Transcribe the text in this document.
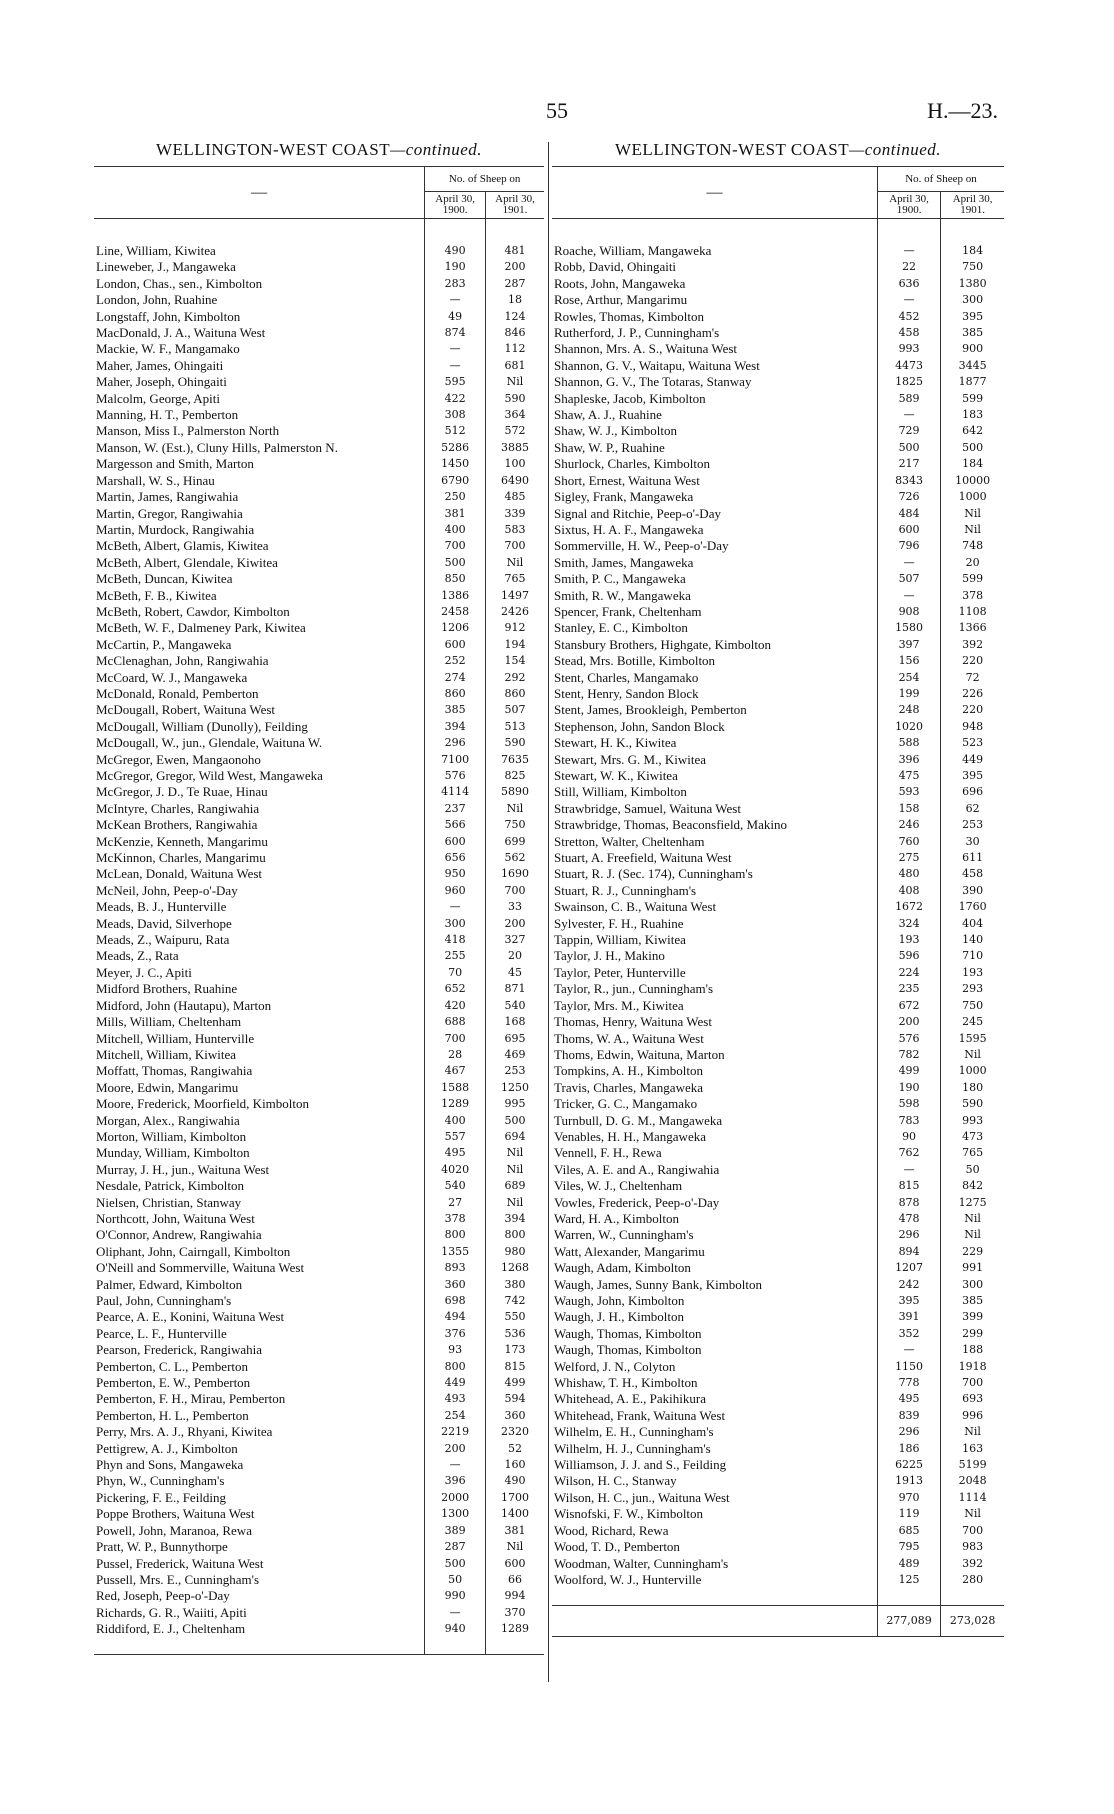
55	H.—23.
WELLINGTON-WEST COAST—continued.
—	No. of Sheep on	
	April 30, 1900.	April 30, 1901.

Line, William, Kiwitea	490	481
Lineweber, J., Mangaweka	190	200
London, Chas., sen., Kimbolton	283	287
London, John, Ruahine	—	18
Longstaff, John, Kimbolton	49	124
MacDonald, J. A., Waituna West	874	846
Mackie, W. F., Mangamako	—	112
Maher, James, Ohingaiti	—	681
Maher, Joseph, Ohingaiti	595	Nil
Malcolm, George, Apiti	422	590
Manning, H. T., Pemberton	308	364
Manson, Miss I., Palmerston North	512	572
Manson, W. (Est.), Cluny Hills, Palmerston N.	5286	3885
Margesson and Smith, Marton	1450	100
Marshall, W. S., Hinau	6790	6490
Martin, James, Rangiwahia	250	485
Martin, Gregor, Rangiwahia	381	339
Martin, Murdock, Rangiwahia	400	583
McBeth, Albert, Glamis, Kiwitea	700	700
McBeth, Albert, Glendale, Kiwitea	500	Nil
McBeth, Duncan, Kiwitea	850	765
McBeth, F. B., Kiwitea	1386	1497
McBeth, Robert, Cawdor, Kimbolton	2458	2426
McBeth, W. F., Dalmeney Park, Kiwitea	1206	912
McCartin, P., Mangaweka	600	194
McClenaghan, John, Rangiwahia	252	154
McCoard, W. J., Mangaweka	274	292
McDonald, Ronald, Pemberton	860	860
McDougall, Robert, Waituna West	385	507
McDougall, William (Dunolly), Feilding	394	513
McDougall, W., jun., Glendale, Waituna W.	296	590
McGregor, Ewen, Mangaonoho	7100	7635
McGregor, Gregor, Wild West, Mangaweka	576	825
McGregor, J. D., Te Ruae, Hinau	4114	5890
McIntyre, Charles, Rangiwahia	237	Nil
McKean Brothers, Rangiwahia	566	750
McKenzie, Kenneth, Mangarimu	600	699
McKinnon, Charles, Mangarimu	656	562
McLean, Donald, Waituna West	950	1690
McNeil, John, Peep-o'-Day	960	700
Meads, B. J., Hunterville	—	33
Meads, David, Silverhope	300	200
Meads, Z., Waipuru, Rata	418	327
Meads, Z., Rata	255	20
Meyer, J. C., Apiti	70	45
Midford Brothers, Ruahine	652	871
Midford, John (Hautapu), Marton	420	540
Mills, William, Cheltenham	688	168
Mitchell, William, Hunterville	700	695
Mitchell, William, Kiwitea	28	469
Moffatt, Thomas, Rangiwahia	467	253
Moore, Edwin, Mangarimu	1588	1250
Moore, Frederick, Moorfield, Kimbolton	1289	995
Morgan, Alex., Rangiwahia	400	500
Morton, William, Kimbolton	557	694
Munday, William, Kimbolton	495	Nil
Murray, J. H., jun., Waituna West	4020	Nil
Nesdale, Patrick, Kimbolton	540	689
Nielsen, Christian, Stanway	27	Nil
Northcott, John, Waituna West	378	394
O'Connor, Andrew, Rangiwahia	800	800
Oliphant, John, Cairngall, Kimbolton	1355	980
O'Neill and Sommerville, Waituna West	893	1268
Palmer, Edward, Kimbolton	360	380
Paul, John, Cunningham's	698	742
Pearce, A. E., Konini, Waituna West	494	550
Pearce, L. F., Hunterville	376	536
Pearson, Frederick, Rangiwahia	93	173
Pemberton, C. L., Pemberton	800	815
Pemberton, E. W., Pemberton	449	499
Pemberton, F. H., Mirau, Pemberton	493	594
Pemberton, H. L., Pemberton	254	360
Perry, Mrs. A. J., Rhyani, Kiwitea	2219	2320
Pettigrew, A. J., Kimbolton	200	52
Phyn and Sons, Mangaweka	—	160
Phyn, W., Cunningham's	396	490
Pickering, F. E., Feilding	2000	1700
Poppe Brothers, Waituna West	1300	1400
Powell, John, Maranoa, Rewa	389	381
Pratt, W. P., Bunnythorpe	287	Nil
Pussel, Frederick, Waituna West	500	600
Pussell, Mrs. E., Cunningham's	50	66
Red, Joseph, Peep-o'-Day	990	994
Richards, G. R., Waiiti, Apiti	—	370
Riddiford, E. J., Cheltenham	940	1289

WELLINGTON-WEST COAST—continued.
—	No. of Sheep on	
	April 30, 1900.	April 30, 1901.

Roache, William, Mangaweka	—	184
Robb, David, Ohingaiti	22	750
Roots, John, Mangaweka	636	1380
Rose, Arthur, Mangarimu	—	300
Rowles, Thomas, Kimbolton	452	395
Rutherford, J. P., Cunningham's	458	385
Shannon, Mrs. A. S., Waituna West	993	900
Shannon, G. V., Waitapu, Waituna West	4473	3445
Shannon, G. V., The Totaras, Stanway	1825	1877
Shapleske, Jacob, Kimbolton	589	599
Shaw, A. J., Ruahine	—	183
Shaw, W. J., Kimbolton	729	642
Shaw, W. P., Ruahine	500	500
Shurlock, Charles, Kimbolton	217	184
Short, Ernest, Waituna West	8343	10000
Sigley, Frank, Mangaweka	726	1000
Signal and Ritchie, Peep-o'-Day	484	Nil
Sixtus, H. A. F., Mangaweka	600	Nil
Sommerville, H. W., Peep-o'-Day	796	748
Smith, James, Mangaweka	—	20
Smith, P. C., Mangaweka	507	599
Smith, R. W., Mangaweka	—	378
Spencer, Frank, Cheltenham	908	1108
Stanley, E. C., Kimbolton	1580	1366
Stansbury Brothers, Highgate, Kimbolton	397	392
Stead, Mrs. Botille, Kimbolton	156	220
Stent, Charles, Mangamako	254	72
Stent, Henry, Sandon Block	199	226
Stent, James, Brookleigh, Pemberton	248	220
Stephenson, John, Sandon Block	1020	948
Stewart, H. K., Kiwitea	588	523
Stewart, Mrs. G. M., Kiwitea	396	449
Stewart, W. K., Kiwitea	475	395
Still, William, Kimbolton	593	696
Strawbridge, Samuel, Waituna West	158	62
Strawbridge, Thomas, Beaconsfield, Makino	246	253
Stretton, Walter, Cheltenham	760	30
Stuart, A. Freefield, Waituna West	275	611
Stuart, R. J. (Sec. 174), Cunningham's	480	458
Stuart, R. J., Cunningham's	408	390
Swainson, C. B., Waituna West	1672	1760
Sylvester, F. H., Ruahine	324	404
Tappin, William, Kiwitea	193	140
Taylor, J. H., Makino	596	710
Taylor, Peter, Hunterville	224	193
Taylor, R., jun., Cunningham's	235	293
Taylor, Mrs. M., Kiwitea	672	750
Thomas, Henry, Waituna West	200	245
Thoms, W. A., Waituna West	576	1595
Thoms, Edwin, Waituna, Marton	782	Nil
Tompkins, A. H., Kimbolton	499	1000
Travis, Charles, Mangaweka	190	180
Tricker, G. C., Mangamako	598	590
Turnbull, D. G. M., Mangaweka	783	993
Venables, H. H., Mangaweka	90	473
Vennell, F. H., Rewa	762	765
Viles, A. E. and A., Rangiwahia	—	50
Viles, W. J., Cheltenham	815	842
Vowles, Frederick, Peep-o'-Day	878	1275
Ward, H. A., Kimbolton	478	Nil
Warren, W., Cunningham's	296	Nil
Watt, Alexander, Mangarimu	894	229
Waugh, Adam, Kimbolton	1207	991
Waugh, James, Sunny Bank, Kimbolton	242	300
Waugh, John, Kimbolton	395	385
Waugh, J. H., Kimbolton	391	399
Waugh, Thomas, Kimbolton	352	299
Waugh, Thomas, Kimbolton	—	188
Welford, J. N., Colyton	1150	1918
Whishaw, T. H., Kimbolton	778	700
Whitehead, A. E., Pakihikura	495	693
Whitehead, Frank, Waituna West	839	996
Wilhelm, E. H., Cunningham's	296	Nil
Wilhelm, H. J., Cunningham's	186	163
Williamson, J. J. and S., Feilding	6225	5199
Wilson, H. C., Stanway	1913	2048
Wilson, H. C., jun., Waituna West	970	1114
Wisnofski, F. W., Kimbolton	119	Nil
Wood, Richard, Rewa	685	700
Wood, T. D., Pemberton	795	983
Woodman, Walter, Cunningham's	489	392
Woolford, W. J., Hunterville	125	280

	277,089	273,028
